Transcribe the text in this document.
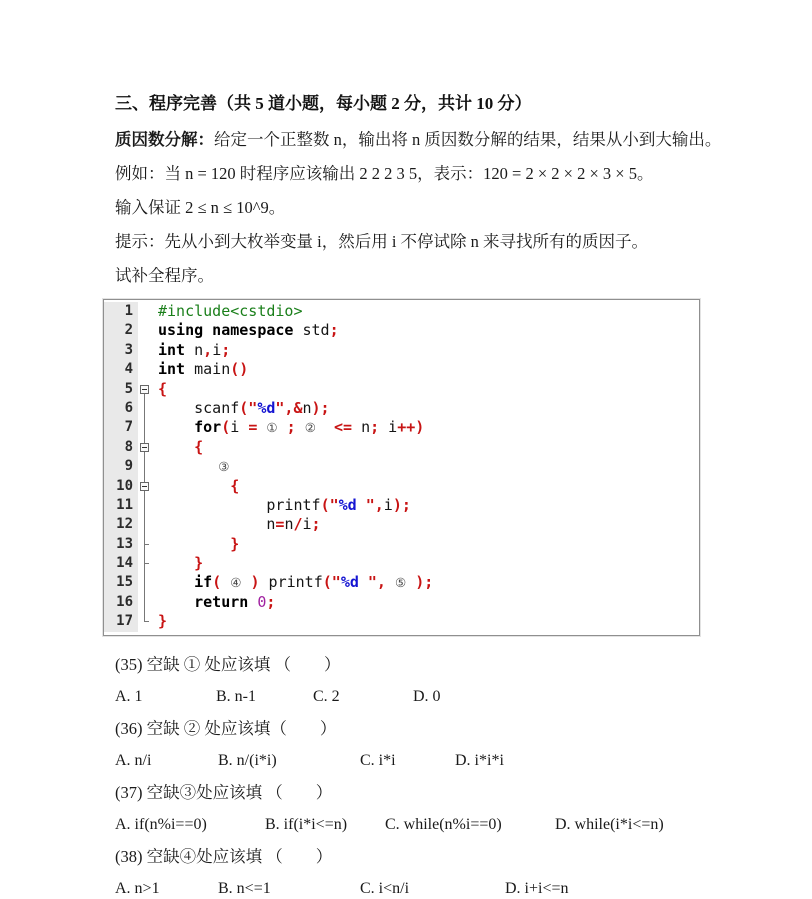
三、程序完善（共 5 道小题，每小题 2 分，共计 10 分）

质因数分解：给定一个正整数 n，输出将 n 质因数分解的结果，结果从小到大输出。

例如：当 n = 120 时程序应该输出 2 2 2 3 5，表示：120 = 2 × 2 × 2 × 3 × 5。

输入保证 2 ≤ n ≤ 10^9。

提示：先从小到大枚举变量 i，然后用 i 不停试除 n 来寻找所有的质因子。

试补全程序。

1	#include<cstdio>
2	using namespace std;
3	int n,i;
4	int main()
5	{
6	scanf("%d",&n);
7	for(i = ① ; ②  <= n; i++)
8	{
9	③
10	{
11	printf("%d ",i);
12	n=n/i;
13	}
14	}
15	if( ④ ) printf("%d ", ⑤ );
16	return 0;
17	}

(35) 空缺 ① 处应该填 （　　）

A. 1	B. n-1	C. 2	D. 0

(36) 空缺 ② 处应该填（　　）

A. n/i	B. n/(i*i)	C. i*i	D. i*i*i

(37) 空缺③处应该填 （　　）

A. if(n%i==0)	B. if(i*i<=n) C. while(n%i==0)	D. while(i*i<=n)

(38) 空缺④处应该填 （　　）

A. n>1	B. n<=1	C. i<n/i	D. i+i<=n
